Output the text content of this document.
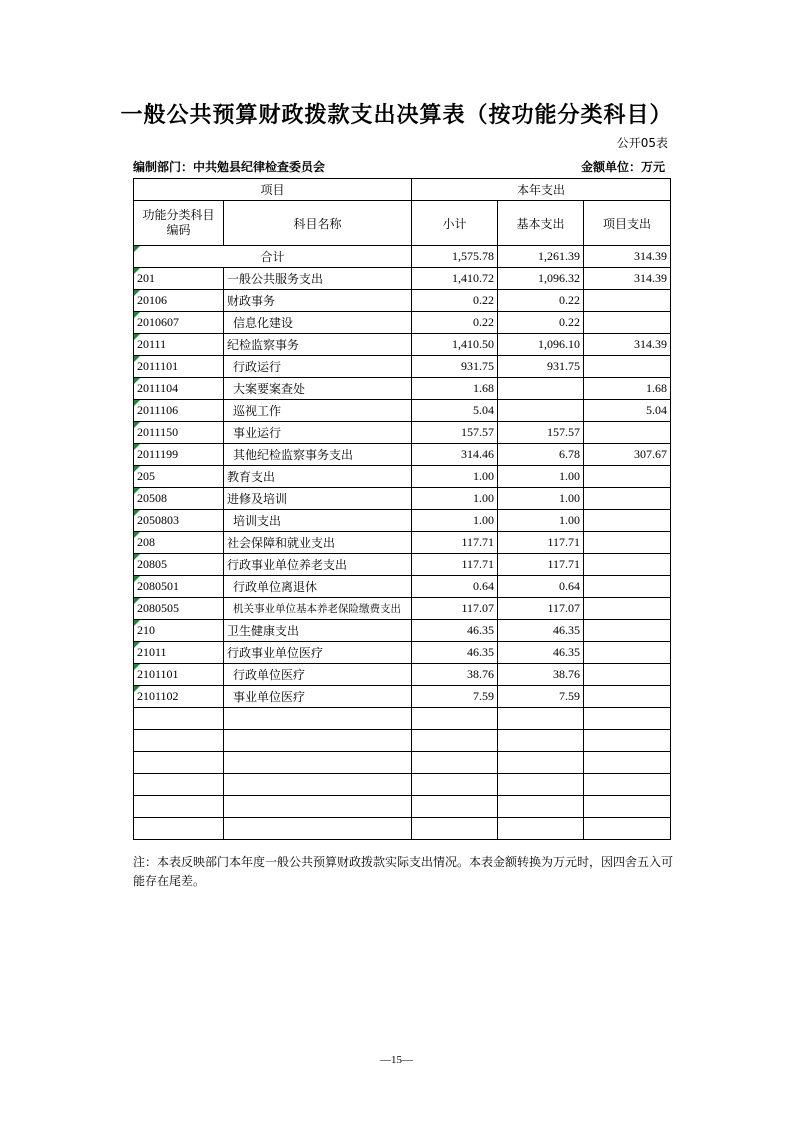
一般公共预算财政拨款支出决算表（按功能分类科目）
公开05表
编制部门：中共勉县纪律检查委员会	金额单位：万元
项目		本年支出		
功能分类科目编码	科目名称	小计	基本支出	项目支出
合计		1,575.78	1,261.39	314.39
201	一般公共服务支出	1,410.72	1,096.32	314.39
20106	财政事务	0.22	0.22	
2010607	信息化建设	0.22	0.22	
20111	纪检监察事务	1,410.50	1,096.10	314.39
2011101	行政运行	931.75	931.75	
2011104	大案要案查处	1.68		1.68
2011106	巡视工作	5.04		5.04
2011150	事业运行	157.57	157.57	
2011199	其他纪检监察事务支出	314.46	6.78	307.67
205	教育支出	1.00	1.00	
20508	进修及培训	1.00	1.00	
2050803	培训支出	1.00	1.00	
208	社会保障和就业支出	117.71	117.71	
20805	行政事业单位养老支出	117.71	117.71	
2080501	行政单位离退休	0.64	0.64	
2080505	机关事业单位基本养老保险缴费支出	117.07	117.07	
210	卫生健康支出	46.35	46.35	
21011	行政事业单位医疗	46.35	46.35	
2101101	行政单位医疗	38.76	38.76	
2101102	事业单位医疗	7.59	7.59	

注：本表反映部门本年度一般公共预算财政拨款实际支出情况。本表金额转换为万元时，因四舍五入可能存在尾差。
—15—
